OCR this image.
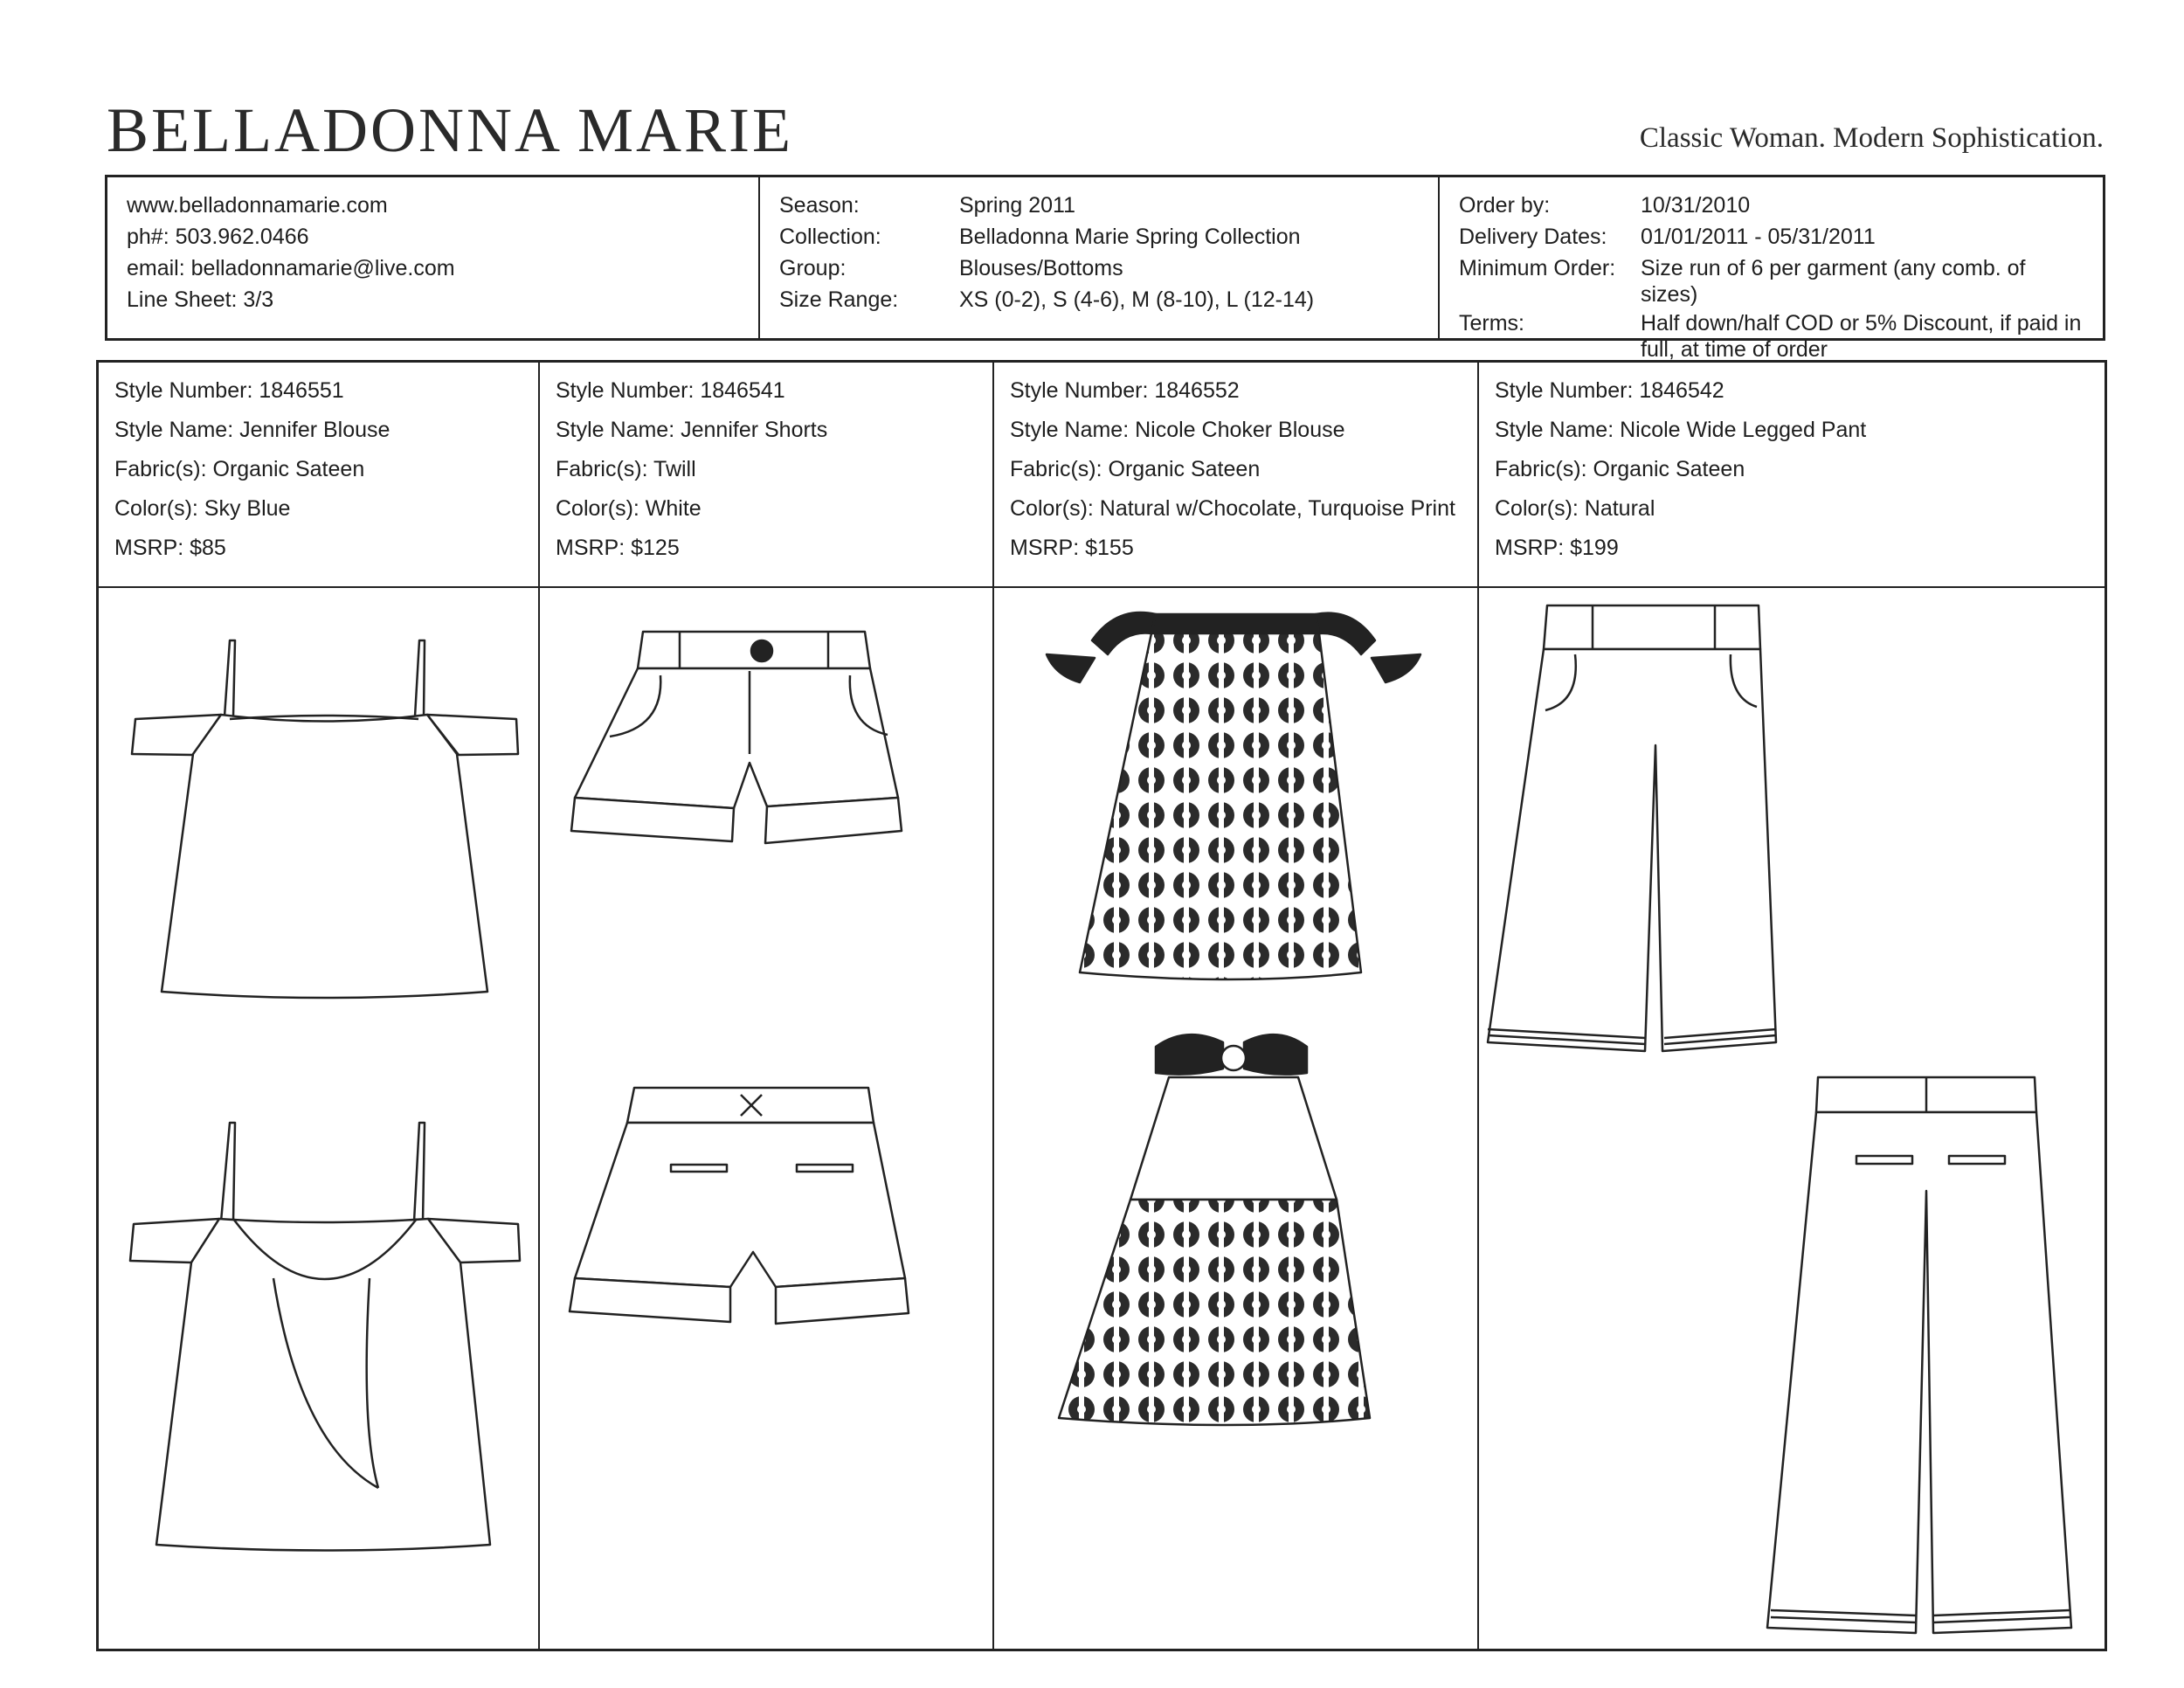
BELLADONNA MARIE	Classic Woman. Modern Sophistication.
www.belladonnamarie.com
ph#: 503.962.0466
email: belladonnamarie@live.com
Line Sheet: 3/3
Season:	Spring 2011
Collection:	Belladonna Marie Spring Collection
Group:	Blouses/Bottoms
Size Range:	XS (0-2), S (4-6), M (8-10), L (12-14)
Order by:	10/31/2010
Delivery Dates:	01/01/2011 - 05/31/2011
Minimum Order:	Size run of 6 per garment (any comb. of sizes)
Terms:	Half down/half COD or 5% Discount, if paid in full, at time of order
Style Number: 1846551
Style Name: Jennifer Blouse
Fabric(s): Organic Sateen
Color(s): Sky Blue
MSRP: $85
Style Number: 1846541
Style Name: Jennifer Shorts
Fabric(s): Twill
Color(s): White
MSRP: $125
Style Number: 1846552
Style Name: Nicole Choker Blouse
Fabric(s): Organic Sateen
Color(s): Natural w/Chocolate, Turquoise Print
MSRP: $155
Style Number: 1846542
Style Name: Nicole Wide Legged Pant
Fabric(s): Organic Sateen
Color(s): Natural
MSRP: $199
